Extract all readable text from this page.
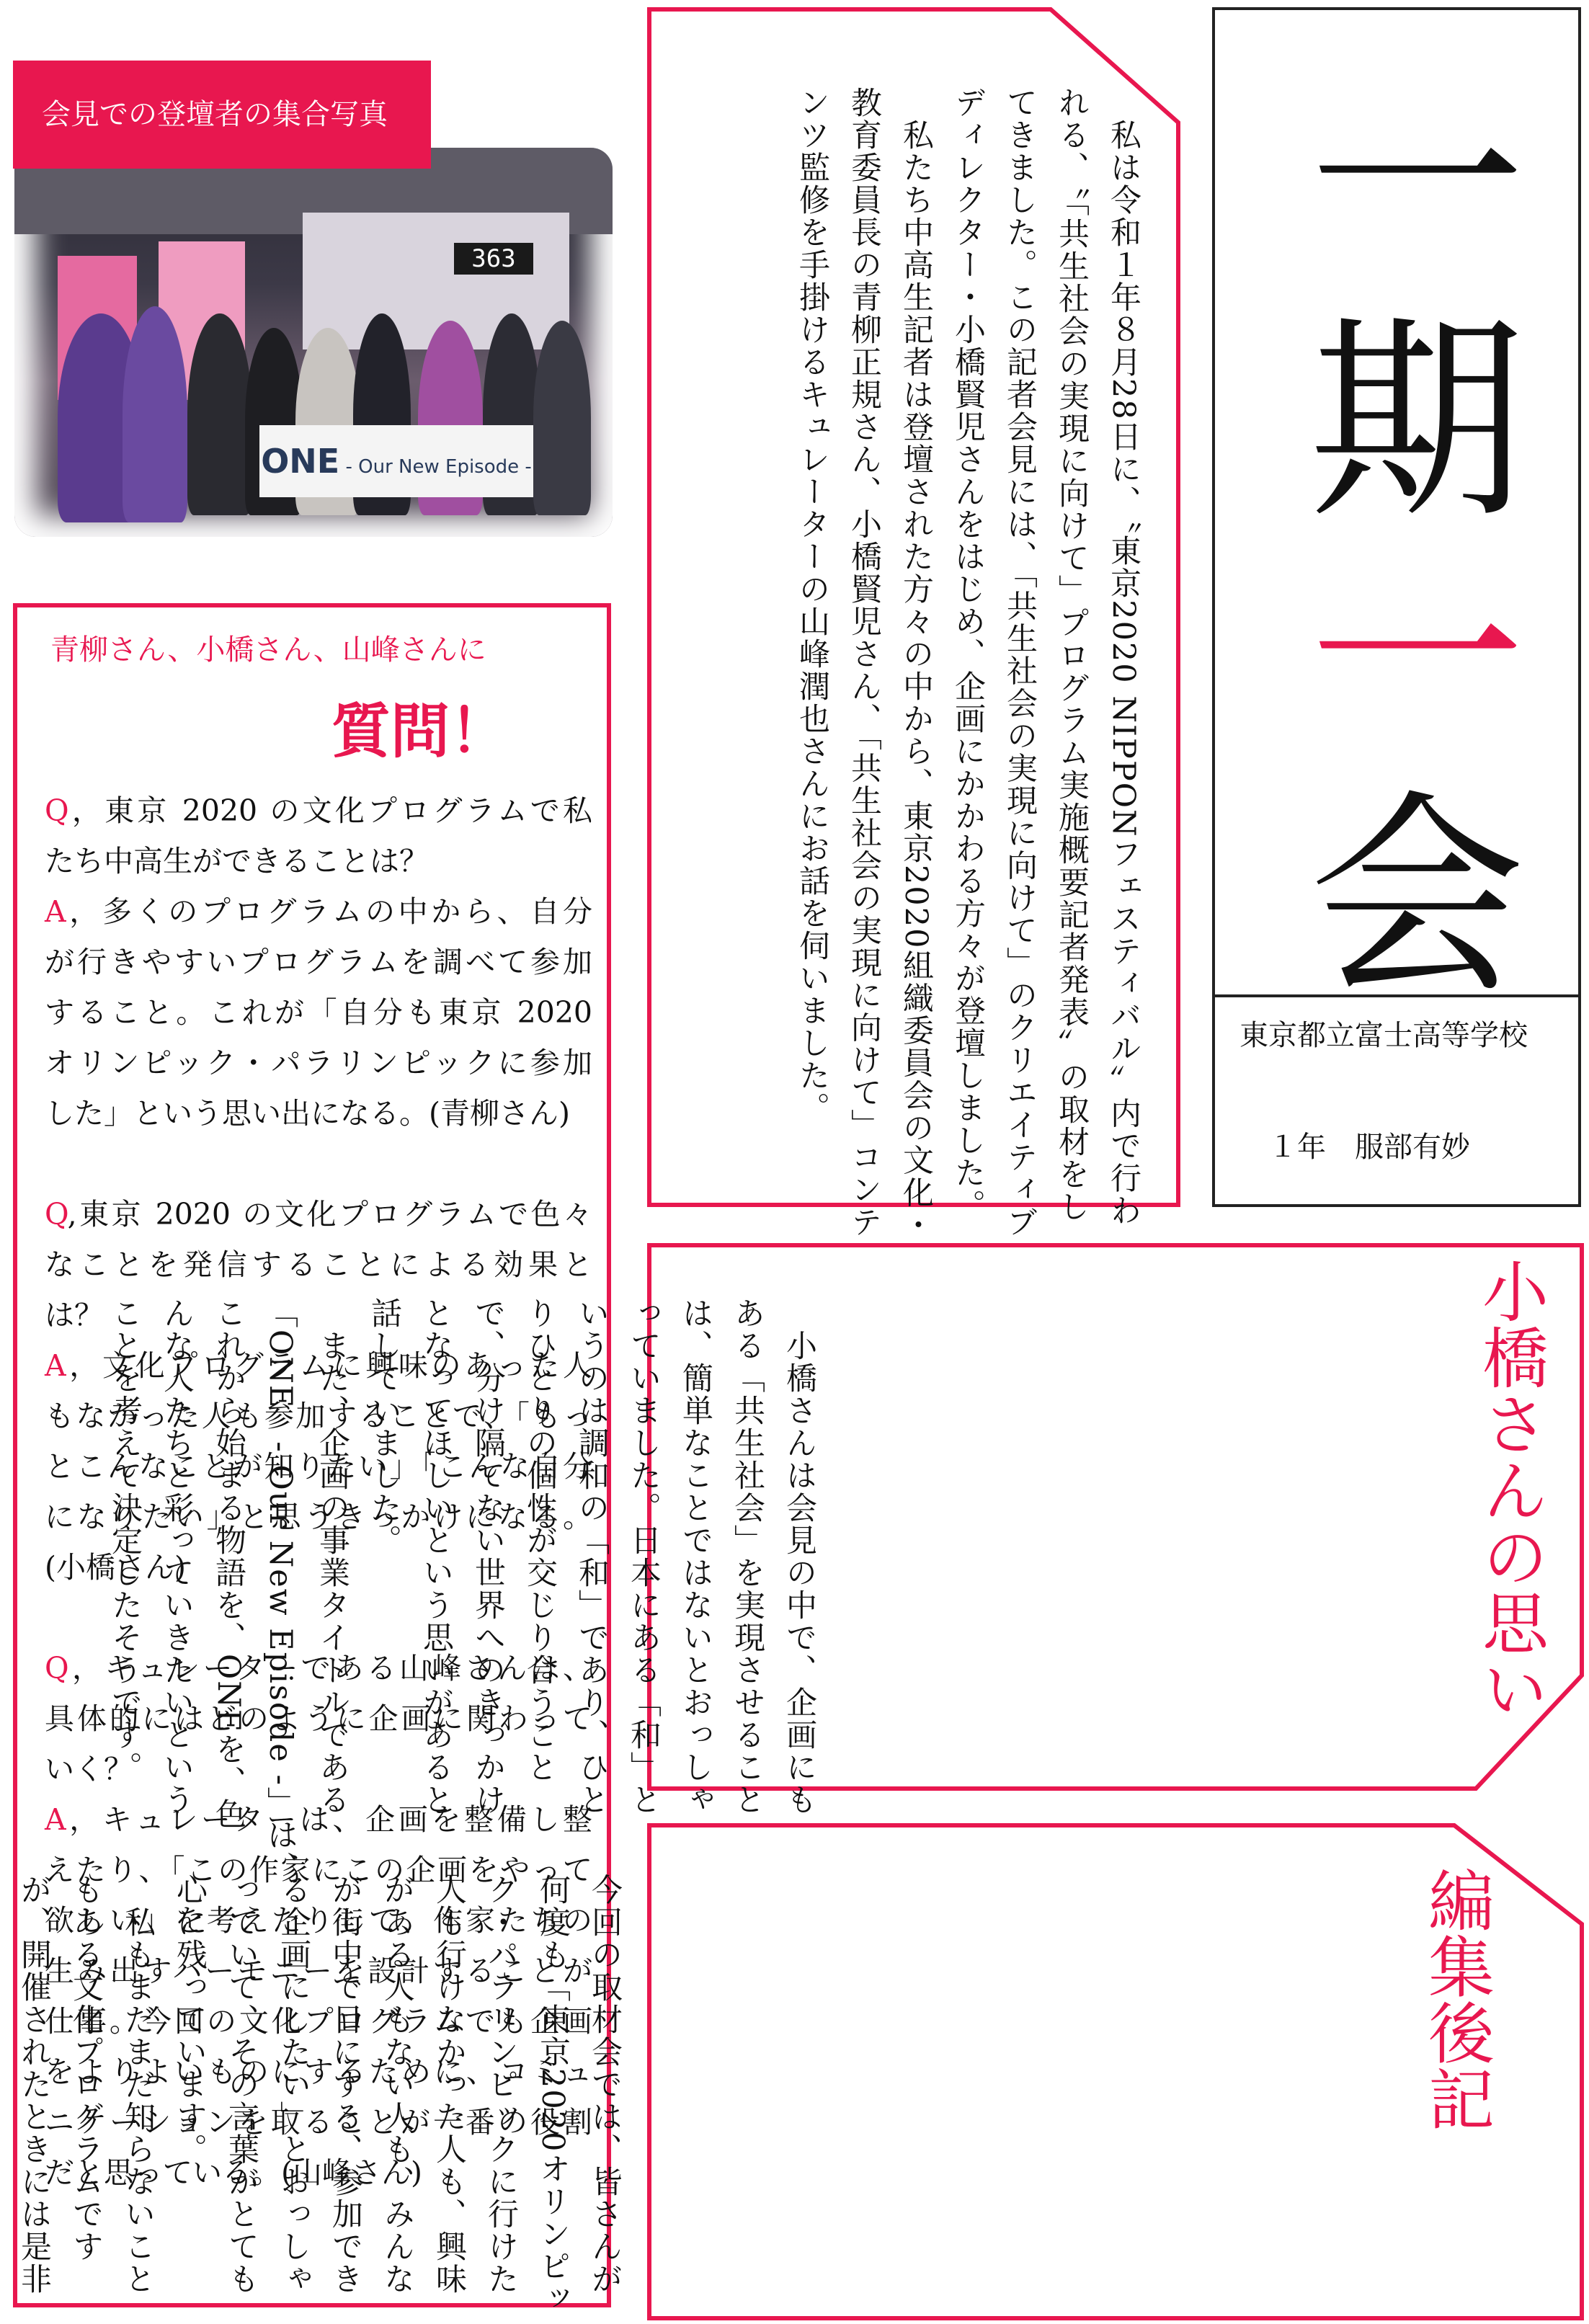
363
ONE - Our New Episode -
会見での登壇者の集合写真
青柳さん、小橋さん、山峰さんに
質問！
Q，東京 2020 の文化プログラムで私
たち中高生ができることは？
A，多くのプログラムの中から、自分
が行きやすいプログラムを調べて参加
すること。これが「自分も東京 2020
オリンピック・パラリンピックに参加
した」という思い出になる。(青柳さん)
Q,東京 2020 の文化プログラムで色々
なことを発信することによる効果と
は？
A，文化プログラムに興味のあった人
もなかった人も参加することで、「もっ
とこんなことが知りたい」「こんな自分
になりたい」と思うきっかけになる。
(小橋さん)
Q，キュレーターである山峰さんは、
具体的にはどのように企画に関わって
いく？
A，キュレーターは、企画を整備し整
えたり、「この作家にこの企画をやって
欲しい」を考えたりして、作家たちの
生み出すハーモニーを設計することが
仕事。今回の文化プログラムでも企画
をよりよいものにするために、コミュ
ニケーションを取ることが一番の役割
だと思っている。(山峰さん)
　私は令和１年８月28日に、〝東京2020 NIPPONフェスティバル〟内で行わ
れる、〝「共生社会の実現に向けて」プログラム実施概要記者発表〟の取材をし
てきました。この記者会見には、「共生社会の実現に向けて」のクリエイティブ
ディレクター・小橋賢児さんをはじめ、企画にかかわる方々が登壇しました。
　私たち中高生記者は登壇された方々の中から、東京2020組織委員会の文化・
教育委員長の青柳正規さん、小橋賢児さん、「共生社会の実現に向けて」コンテ
ンツ監修を手掛けるキュレーターの山峰潤也さんにお話を伺いました。 一期一会
東京都立富士高等学校
１年　服部有妙
小橋さんの思い
　小橋さんは会見の中で、企画にも
ある「共生社会」を実現させること
は、簡単なことではないとおっしゃ
っていました。日本にある「和」と
いうのは調和の「和」であり、ひと
りひとりの個性が交じり合うこと
で、分け隔てない世界へのきっかけ
となってほしいという思いがあると
話していました。
　また、企画の事業タイトルである
「ONE　- Our New Episode -」は、
これから始まる物語を、ONEを、色
んな人たちと彩っていきたいという
ことを考えて決定したそうです。
編集後記
今回の取材会では、皆さんが
何度も「東京2020オリンピッ
ク・パラリンピックに行けた
人も行けなかった人も、興味
がある人もない人も、みんな
が街中で目にする、参加でき
る企画にしたい」とおっしゃ
っていて、その言葉がとても
心に残っています。
　私もまだまだ知らないこと
もある文化プログラムです
が、開催されたときには是非
